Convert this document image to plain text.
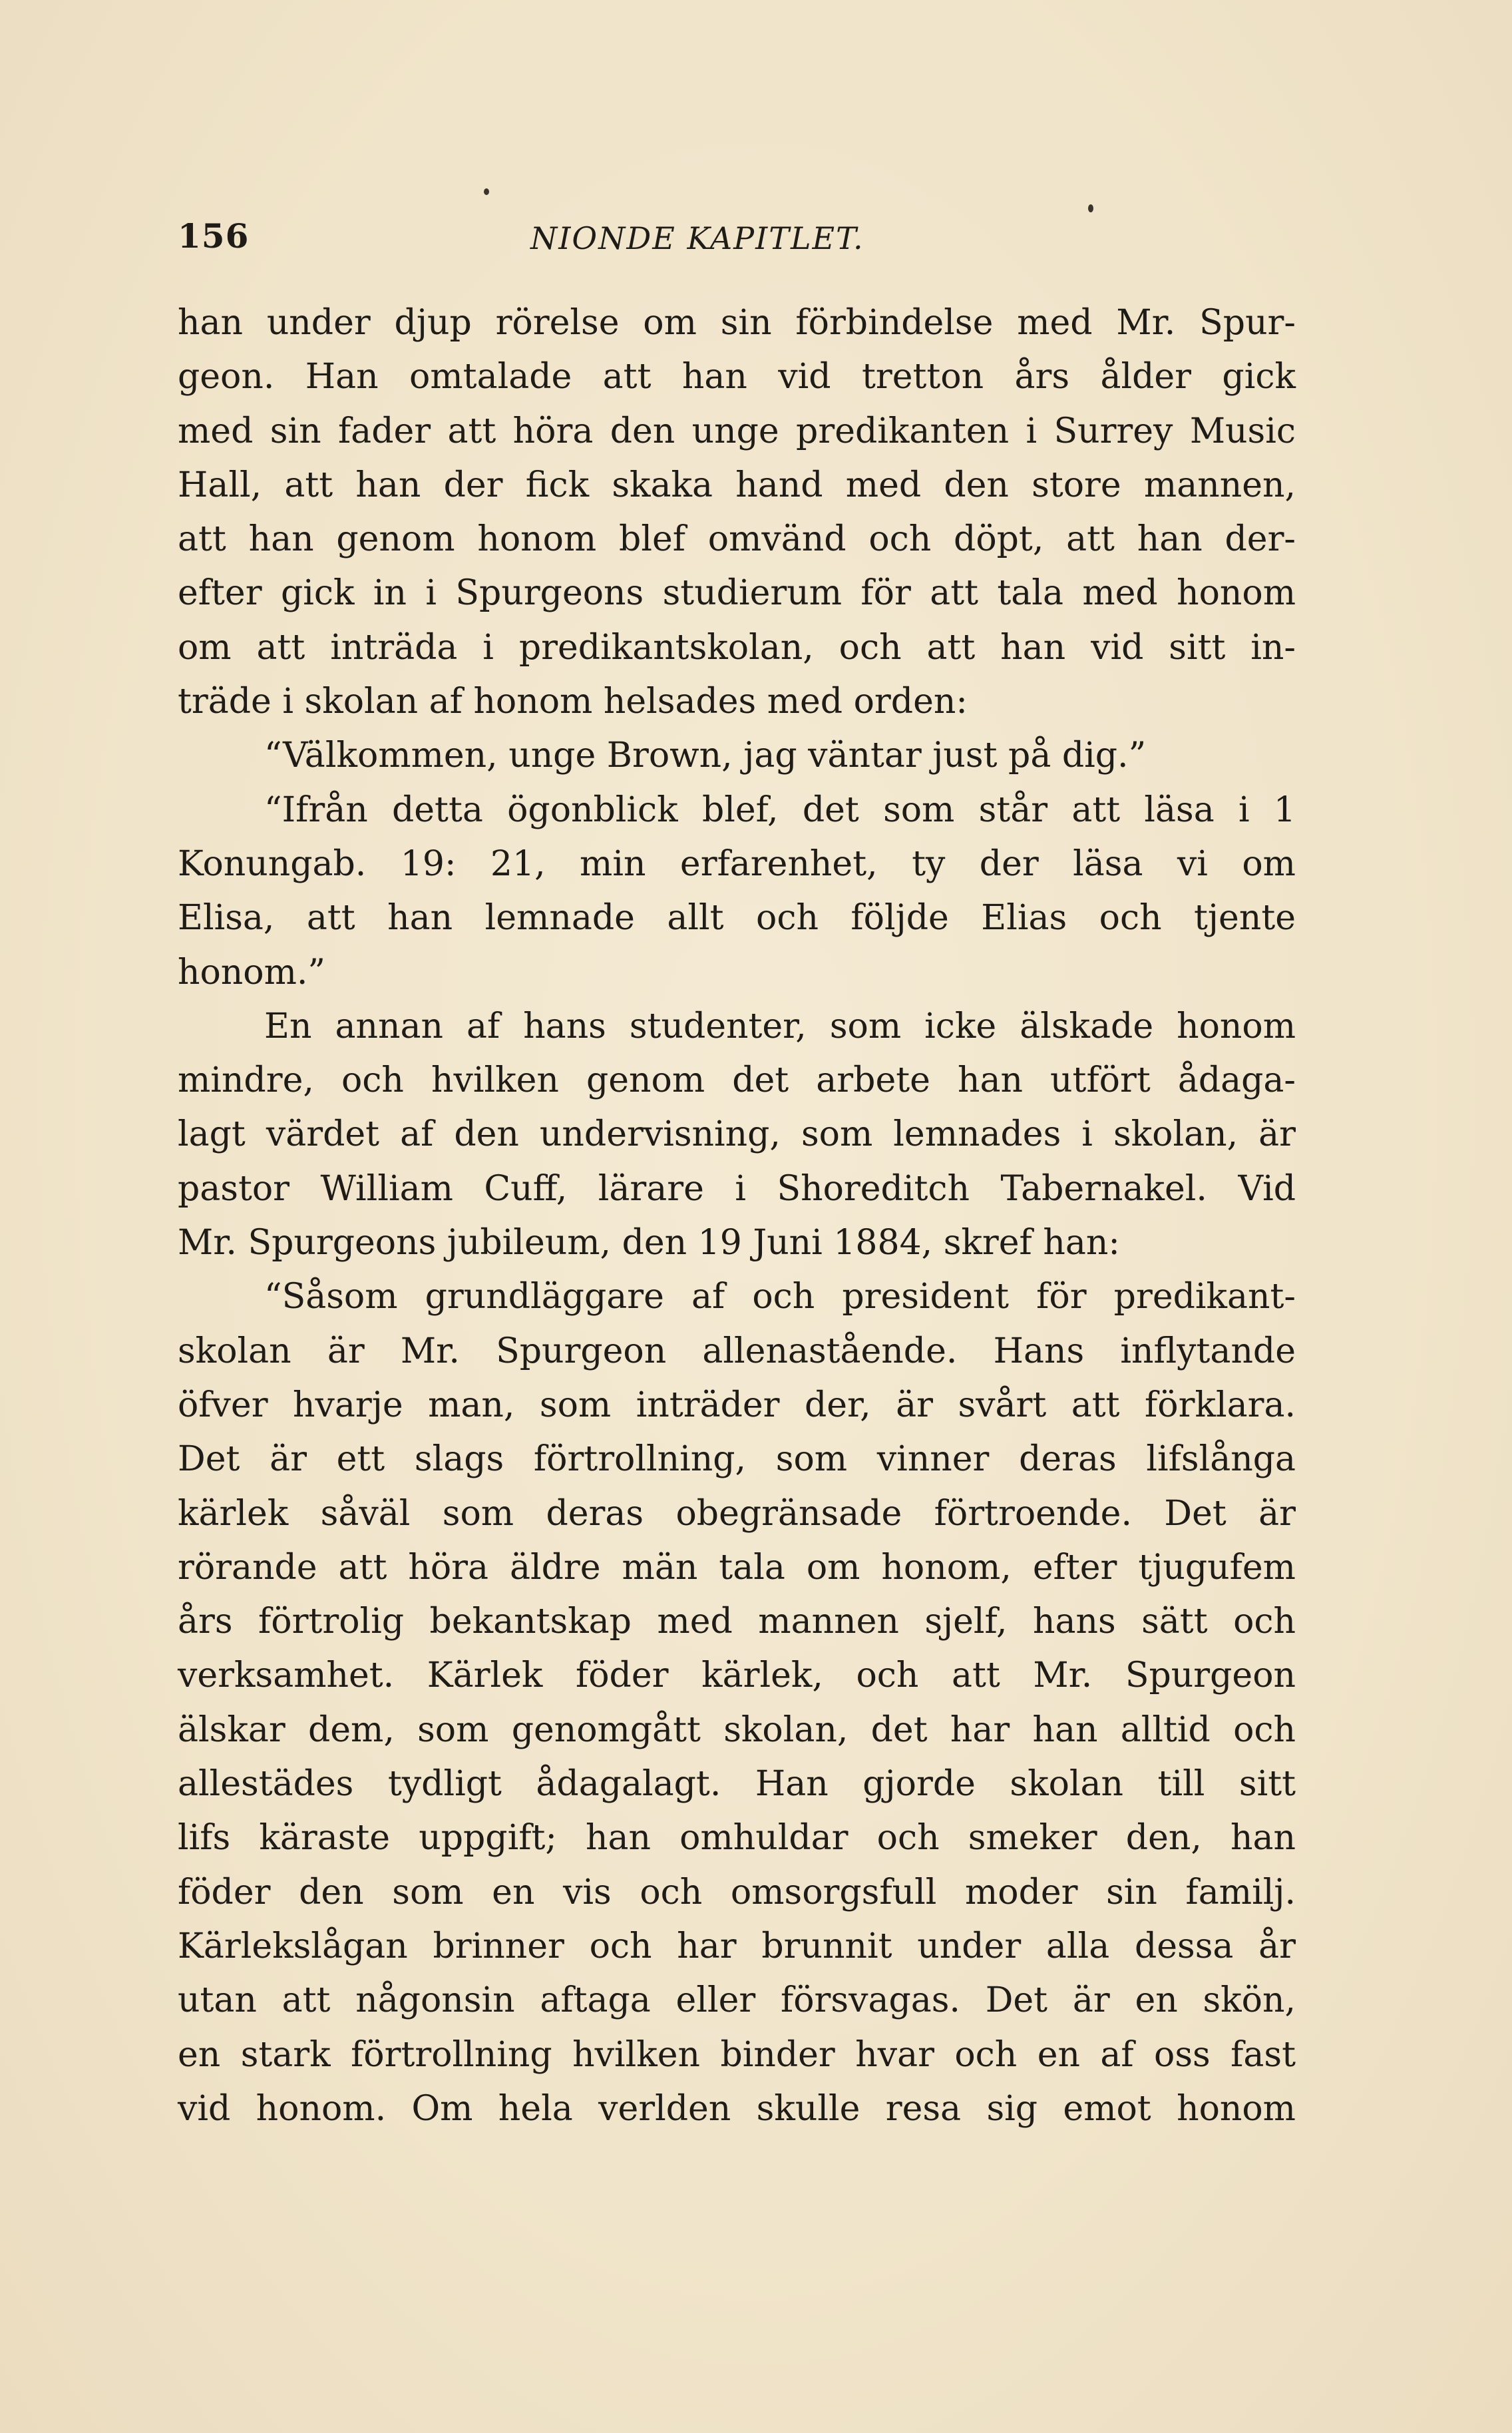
156	NIONDE KAPITLET.
han under djup rörelse om sin förbindelse med Mr. Spur-
geon. Han omtalade att han vid tretton års ålder gick
med sin fader att höra den unge predikanten i Surrey Music
Hall, att han der fick skaka hand med den store mannen,
att han genom honom blef omvänd och döpt, att han der-
efter gick in i Spurgeons studierum för att tala med honom
om att inträda i predikantskolan, och att han vid sitt in-
träde i skolan af honom helsades med orden:
“Välkommen, unge Brown, jag väntar just på dig.”
“Ifrån detta ögonblick blef, det som står att läsa i 1
Konungab. 19: 21, min erfarenhet, ty der läsa vi om
Elisa, att han lemnade allt och följde Elias och tjente
honom.”
En annan af hans studenter, som icke älskade honom
mindre, och hvilken genom det arbete han utfört ådaga-
lagt värdet af den undervisning, som lemnades i skolan, är
pastor William Cuff, lärare i Shoreditch Tabernakel. Vid
Mr. Spurgeons jubileum, den 19 Juni 1884, skref han:
“Såsom grundläggare af och president för predikant-
skolan är Mr. Spurgeon allenastående. Hans inflytande
öfver hvarje man, som inträder der, är svårt att förklara.
Det är ett slags förtrollning, som vinner deras lifslånga
kärlek såväl som deras obegränsade förtroende. Det är
rörande att höra äldre män tala om honom, efter tjugufem
års förtrolig bekantskap med mannen sjelf, hans sätt och
verksamhet. Kärlek föder kärlek, och att Mr. Spurgeon
älskar dem, som genomgått skolan, det har han alltid och
allestädes tydligt ådagalagt. Han gjorde skolan till sitt
lifs käraste uppgift; han omhuldar och smeker den, han
föder den som en vis och omsorgsfull moder sin familj.
Kärlekslågan brinner och har brunnit under alla dessa år
utan att någonsin aftaga eller försvagas. Det är en skön,
en stark förtrollning hvilken binder hvar och en af oss fast
vid honom. Om hela verlden skulle resa sig emot honom
